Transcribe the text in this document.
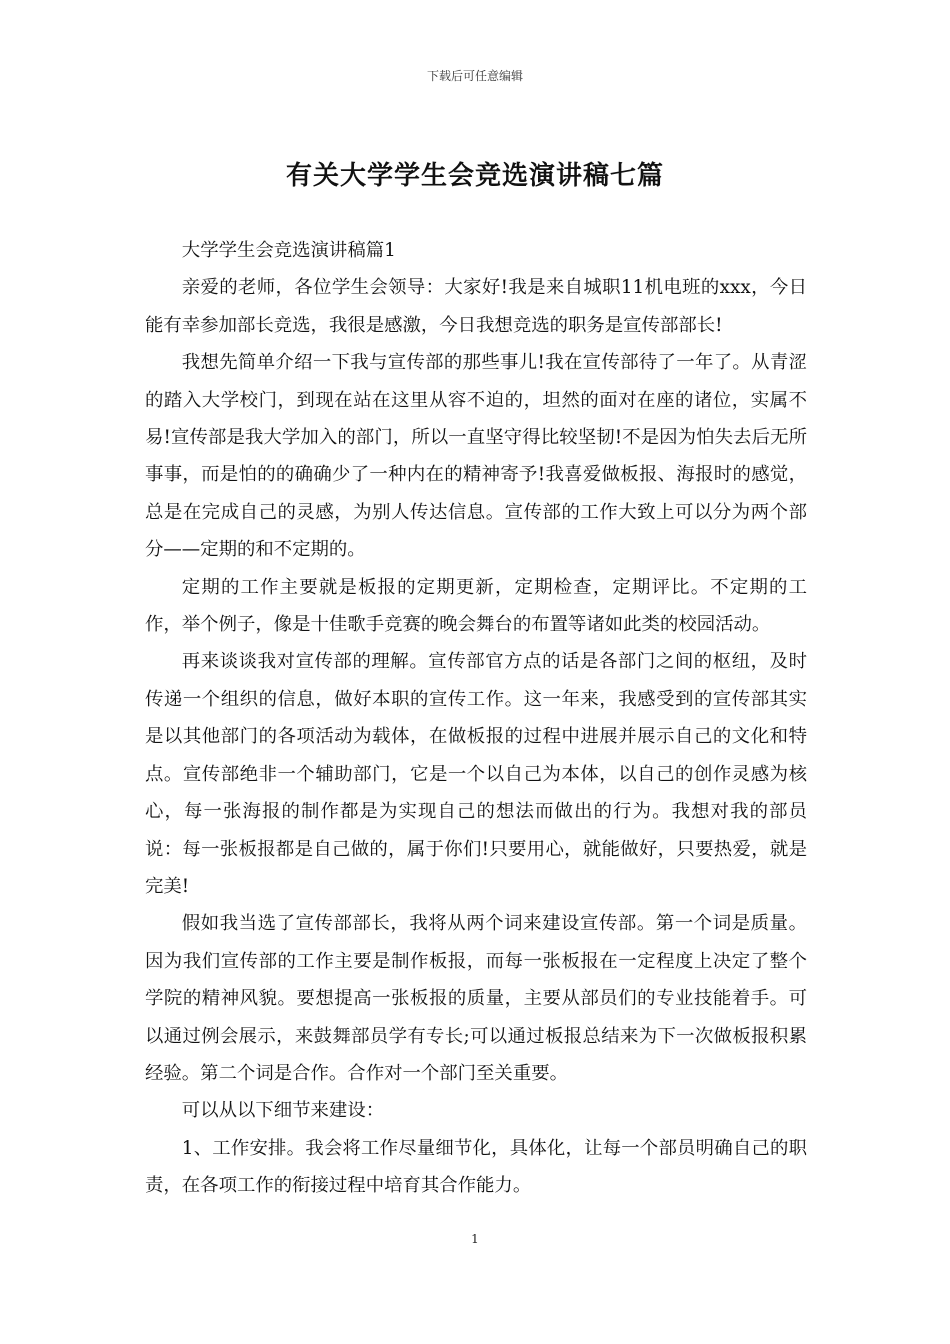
下载后可任意编辑
有关大学学生会竞选演讲稿七篇

大学学生会竞选演讲稿篇1

亲爱的老师，各位学生会领导：大家好!我是来自城职11机电班的xxx，今日能有幸参加部长竞选，我很是感激，今日我想竞选的职务是宣传部部长!

我想先简单介绍一下我与宣传部的那些事儿!我在宣传部待了一年了。从青涩的踏入大学校门，到现在站在这里从容不迫的，坦然的面对在座的诸位，实属不易!宣传部是我大学加入的部门，所以一直坚守得比较坚韧!不是因为怕失去后无所事事，而是怕的的确确少了一种内在的精神寄予!我喜爱做板报、海报时的感觉，总是在完成自己的灵感，为别人传达信息。宣传部的工作大致上可以分为两个部分——定期的和不定期的。

定期的工作主要就是板报的定期更新，定期检查，定期评比。不定期的工作，举个例子，像是十佳歌手竞赛的晚会舞台的布置等诸如此类的校园活动。

再来谈谈我对宣传部的理解。宣传部官方点的话是各部门之间的枢纽，及时传递一个组织的信息，做好本职的宣传工作。这一年来，我感受到的宣传部其实是以其他部门的各项活动为载体，在做板报的过程中进展并展示自己的文化和特点。宣传部绝非一个辅助部门，它是一个以自己为本体，以自己的创作灵感为核心，每一张海报的制作都是为实现自己的想法而做出的行为。我想对我的部员说：每一张板报都是自己做的，属于你们!只要用心，就能做好，只要热爱，就是完美!

假如我当选了宣传部部长，我将从两个词来建设宣传部。第一个词是质量。因为我们宣传部的工作主要是制作板报，而每一张板报在一定程度上决定了整个学院的精神风貌。要想提高一张板报的质量，主要从部员们的专业技能着手。可以通过例会展示，来鼓舞部员学有专长;可以通过板报总结来为下一次做板报积累经验。第二个词是合作。合作对一个部门至关重要。

可以从以下细节来建设：

1、工作安排。我会将工作尽量细节化，具体化，让每一个部员明确自己的职责，在各项工作的衔接过程中培育其合作能力。

1
